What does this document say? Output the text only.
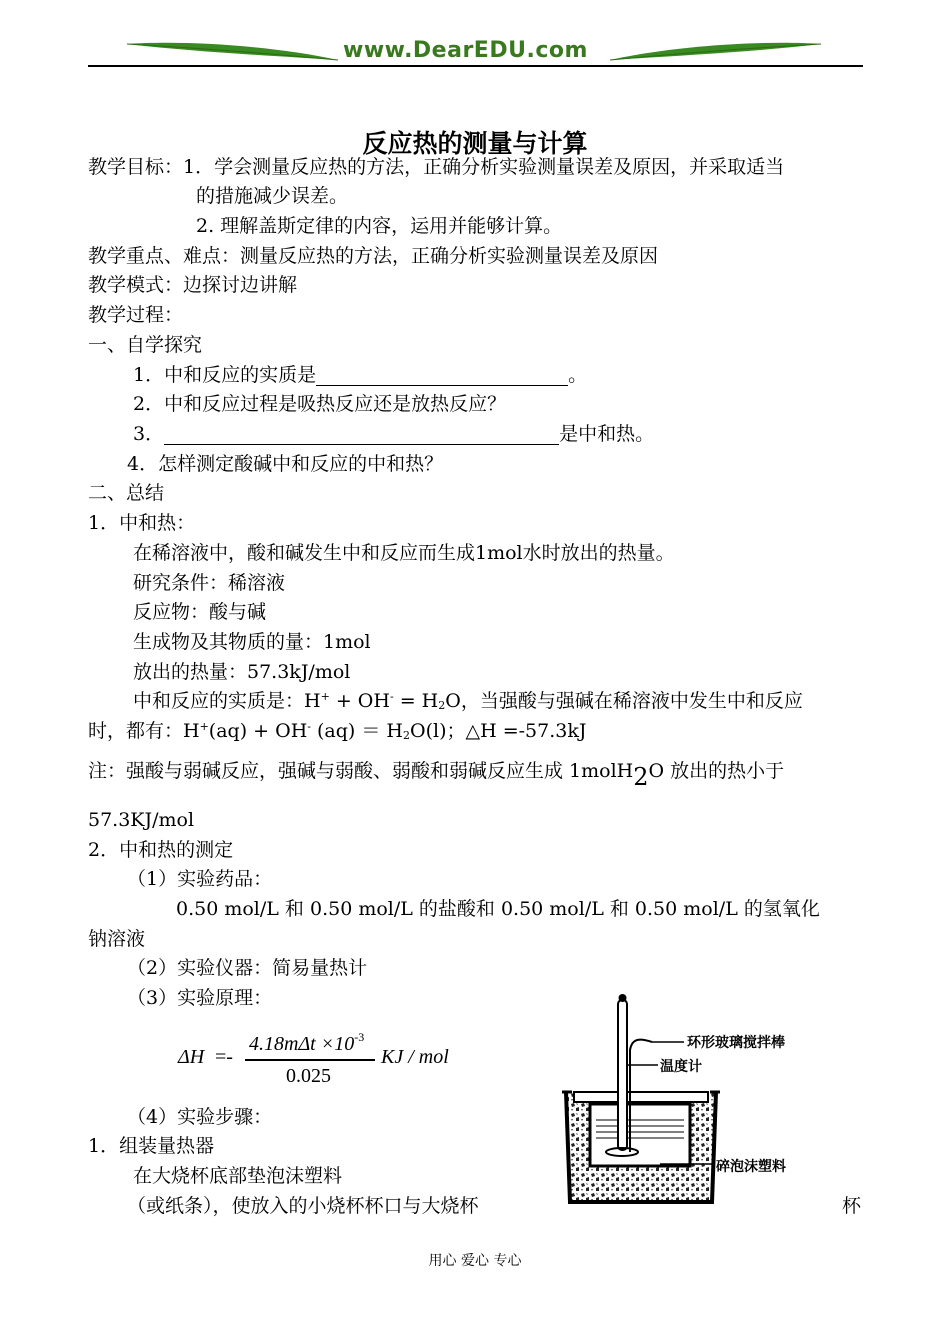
www.DearEDU.com
反应热的测量与计算
教学目标：1．学会测量反应热的方法，正确分析实验测量误差及原因，并采取适当
的措施减少误差。
2. 理解盖斯定律的内容，运用并能够计算。
教学重点、难点：测量反应热的方法，正确分析实验测量误差及原因
教学模式：边探讨边讲解
教学过程：
一、自学探究
1．中和反应的实质是	。
2．中和反应过程是吸热反应还是放热反应？
3．	是中和热。
4．怎样测定酸碱中和反应的中和热？
二、总结
1．中和热：
在稀溶液中，酸和碱发生中和反应而生成1mol水时放出的热量。
研究条件：稀溶液
反应物：酸与碱
生成物及其物质的量：1mol
放出的热量：57.3kJ/mol
中和反应的实质是：$H^+ + OH^- = H_2O$，当强酸与强碱在稀溶液中发生中和反应
时，都有：H+(aq) + OH- $(aq) = H_2O(l)$；△H =-57.3kJ
注：强酸与弱碱反应，强碱与弱酸、弱酸和弱碱反应生成 1molH2O 放出的热小于
57.3KJ/mol
2．中和热的测定
（1）实验药品：
0.50 mol/L 和 0.50 mol/L 的盐酸和 0.50 mol/L 和 0.50 mol/L 的氢氧化
钠溶液
（2）实验仪器：简易量热计
（3）实验原理：
ΔH =-
$4.18m\Delta t \times 10^{-3}$
0.025
KJ / mol
（4）实验步骤：
1．组装量热器
在大烧杯底部垫泡沫塑料
（或纸条），使放入的小烧杯杯口与大烧杯	杯
环形玻璃搅拌棒
温度计
碎泡沫塑料
用心 爱心 专心
